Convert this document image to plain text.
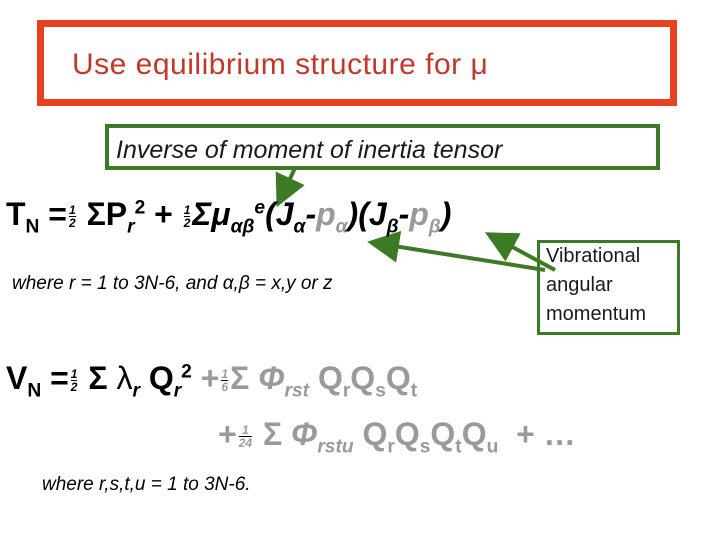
Use equilibrium structure for μ
Inverse of moment of inertia tensor
Vibrational
angular
momentum
$T_N = \frac{1}{2} \Sigma P_r^2 + \frac{1}{2} \Sigma\mu_{\alpha\beta}^e(J_\alpha-p_\alpha)(J_\beta-p_\beta)$
where r = 1 to 3N-6, and α,β = x,y or z
$V_N = \frac{1}{2}$ Σ $\lambda_r$ $Q_r^2 + \frac{1}{6}$ Σ $\Phi_{rst}$ $Q_rQ_sQ_t$
+ $\frac{1}{24}$ Σ $\Phi_{rstu}$ $Q_rQ_sQ_tQ_u$  + …
where r,s,t,u = 1 to 3N-6.
